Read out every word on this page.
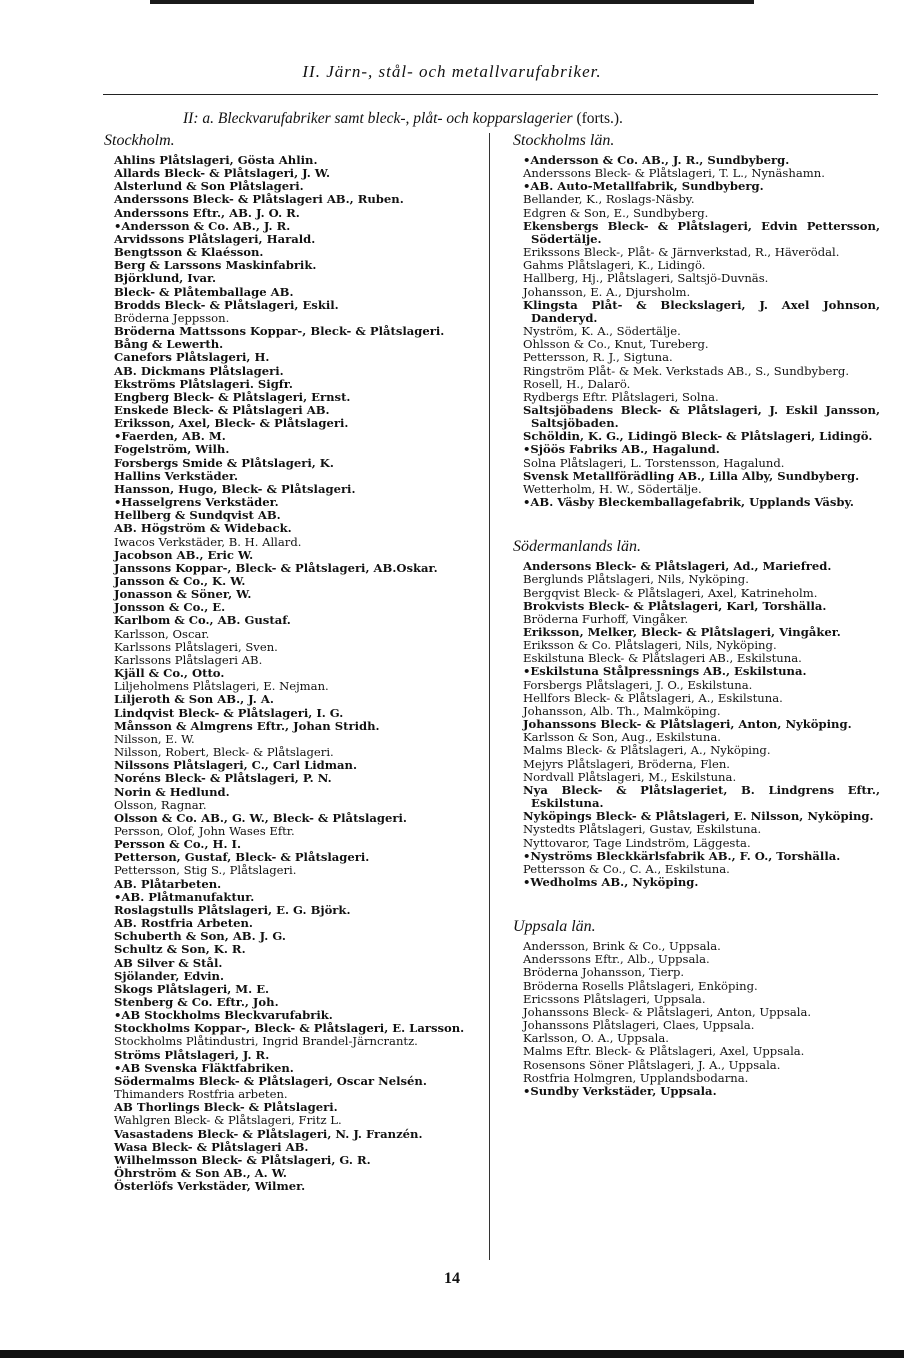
II. Järn-, stål- och metallvarufabriker.
II: a. Bleckvarufabriker samt bleck-, plåt- och kopparslagerier (forts.).
Stockholm.
Ahlins Plåtslageri, Gösta Ahlin.
Allards Bleck- & Plåtslageri, J. W.
Alsterlund & Son Plåtslageri.
Anderssons Bleck- & Plåtslageri AB., Ruben.
Anderssons Eftr., AB. J. O. R.
•Andersson & Co. AB., J. R.
Arvidssons Plåtslageri, Harald.
Bengtsson & Klaésson.
Berg & Larssons Maskinfabrik.
Björklund, Ivar.
Bleck- & Plåtemballage AB.
Brodds Bleck- & Plåtslageri, Eskil.
Bröderna Jeppsson.
Bröderna Mattssons Koppar-, Bleck- & Plåtslageri.
Bång & Lewerth.
Canefors Plåtslageri, H.
AB. Dickmans Plåtslageri.
Ekströms Plåtslageri. Sigfr.
Engberg Bleck- & Plåtslageri, Ernst.
Enskede Bleck- & Plåtslageri AB.
Eriksson, Axel, Bleck- & Plåtslageri.
•Faerden, AB. M.
Fogelström, Wilh.
Forsbergs Smide & Plåtslageri, K.
Hallins Verkstäder.
Hansson, Hugo, Bleck- & Plåtslageri.
•Hasselgrens Verkstäder.
Hellberg & Sundqvist AB.
AB. Högström & Wideback.
Iwacos Verkstäder, B. H. Allard.
Jacobson AB., Eric W.
Janssons Koppar-, Bleck- & Plåtslageri, AB.Oskar.
Jansson & Co., K. W.
Jonasson & Söner, W.
Jonsson & Co., E.
Karlbom & Co., AB. Gustaf.
Karlsson, Oscar.
Karlssons Plåtslageri, Sven.
Karlssons Plåtslageri AB.
Kjäll & Co., Otto.
Liljeholmens Plåtslageri, E. Nejman.
Liljeroth & Son AB., J. A.
Lindqvist Bleck- & Plåtslageri, I. G.
Månsson & Almgrens Eftr., Johan Stridh.
Nilsson, E. W.
Nilsson, Robert, Bleck- & Plåtslageri.
Nilssons Plåtslageri, C., Carl Lidman.
Noréns Bleck- & Plåtslageri, P. N.
Norin & Hedlund.
Olsson, Ragnar.
Olsson & Co. AB., G. W., Bleck- & Plåtslageri.
Persson, Olof, John Wases Eftr.
Persson & Co., H. I.
Petterson, Gustaf, Bleck- & Plåtslageri.
Pettersson, Stig S., Plåtslageri.
AB. Plåtarbeten.
•AB. Plåtmanufaktur.
Roslagstulls Plåtslageri, E. G. Björk.
AB. Rostfria Arbeten.
Schuberth & Son, AB. J. G.
Schultz & Son, K. R.
AB Silver & Stål.
Sjölander, Edvin.
Skogs Plåtslageri, M. E.
Stenberg & Co. Eftr., Joh.
•AB Stockholms Bleckvarufabrik.
Stockholms Koppar-, Bleck- & Plåtslageri, E. Larsson.
Stockholms Plåtindustri, Ingrid Brandel-Järncrantz.
Ströms Plåtslageri, J. R.
•AB Svenska Fläktfabriken.
Södermalms Bleck- & Plåtslageri, Oscar Nelsén.
Thimanders Rostfria arbeten.
AB Thorlings Bleck- & Plåtslageri.
Wahlgren Bleck- & Plåtslageri, Fritz L.
Vasastadens Bleck- & Plåtslageri, N. J. Franzén.
Wasa Bleck- & Plåtslageri AB.
Wilhelmsson Bleck- & Plåtslageri, G. R.
Öhrström & Son AB., A. W.
Österlöfs Verkstäder, Wilmer.
Stockholms län.
•Andersson & Co. AB., J. R., Sundbyberg.
Anderssons Bleck- & Plåtslageri, T. L., Nynäshamn.
•AB. Auto-Metallfabrik, Sundbyberg.
Bellander, K., Roslags-Näsby.
Edgren & Son, E., Sundbyberg.
Ekensbergs Bleck- & Plåtslageri, Edvin Pettersson, Södertälje.
Erikssons Bleck-, Plåt- & Järnverkstad, R., Häverödal.
Gahms Plåtslageri, K., Lidingö.
Hallberg, Hj., Plåtslageri, Saltsjö-Duvnäs.
Johansson, E. A., Djursholm.
Klingsta Plåt- & Bleckslageri, J. Axel Johnson, Danderyd.
Nyström, K. A., Södertälje.
Ohlsson & Co., Knut, Tureberg.
Pettersson, R. J., Sigtuna.
Ringström Plåt- & Mek. Verkstads AB., S., Sundbyberg.
Rosell, H., Dalarö.
Rydbergs Eftr. Plåtslageri, Solna.
Saltsjöbadens Bleck- & Plåtslageri, J. Eskil Jansson, Saltsjöbaden.
Schöldin, K. G., Lidingö Bleck- & Plåtslageri, Lidingö.
•Sjöös Fabriks AB., Hagalund.
Solna Plåtslageri, L. Torstensson, Hagalund.
Svensk Metallförädling AB., Lilla Alby, Sundbyberg.
Wetterholm, H. W., Södertälje.
•AB. Väsby Bleckemballagefabrik, Upplands Väsby.
Södermanlands län.
Andersons Bleck- & Plåtslageri, Ad., Mariefred.
Berglunds Plåtslageri, Nils, Nyköping.
Bergqvist Bleck- & Plåtslageri, Axel, Katrineholm.
Brokvists Bleck- & Plåtslageri, Karl, Torshälla.
Bröderna Furhoff, Vingåker.
Eriksson, Melker, Bleck- & Plåtslageri, Vingåker.
Eriksson & Co. Plåtslageri, Nils, Nyköping.
Eskilstuna Bleck- & Plåtslageri AB., Eskilstuna.
•Eskilstuna Stålpressnings AB., Eskilstuna.
Forsbergs Plåtslageri, J. O., Eskilstuna.
Hellfors Bleck- & Plåtslageri, A., Eskilstuna.
Johansson, Alb. Th., Malmköping.
Johanssons Bleck- & Plåtslageri, Anton, Nyköping.
Karlsson & Son, Aug., Eskilstuna.
Malms Bleck- & Plåtslageri, A., Nyköping.
Mejyrs Plåtslageri, Bröderna, Flen.
Nordvall Plåtslageri, M., Eskilstuna.
Nya Bleck- & Plåtslageriet, B. Lindgrens Eftr., Eskilstuna.
Nyköpings Bleck- & Plåtslageri, E. Nilsson, Nyköping.
Nystedts Plåtslageri, Gustav, Eskilstuna.
Nyttovaror, Tage Lindström, Läggesta.
•Nyströms Bleckkärlsfabrik AB., F. O., Torshälla.
Pettersson & Co., C. A., Eskilstuna.
•Wedholms AB., Nyköping.
Uppsala län.
Andersson, Brink & Co., Uppsala.
Anderssons Eftr., Alb., Uppsala.
Bröderna Johansson, Tierp.
Bröderna Rosells Plåtslageri, Enköping.
Ericssons Plåtslageri, Uppsala.
Johanssons Bleck- & Plåtslageri, Anton, Uppsala.
Johanssons Plåtslageri, Claes, Uppsala.
Karlsson, O. A., Uppsala.
Malms Eftr. Bleck- & Plåtslageri, Axel, Uppsala.
Rosensons Söner Plåtslageri, J. A., Uppsala.
Rostfria Holmgren, Upplandsbodarna.
•Sundby Verkstäder, Uppsala.
14
